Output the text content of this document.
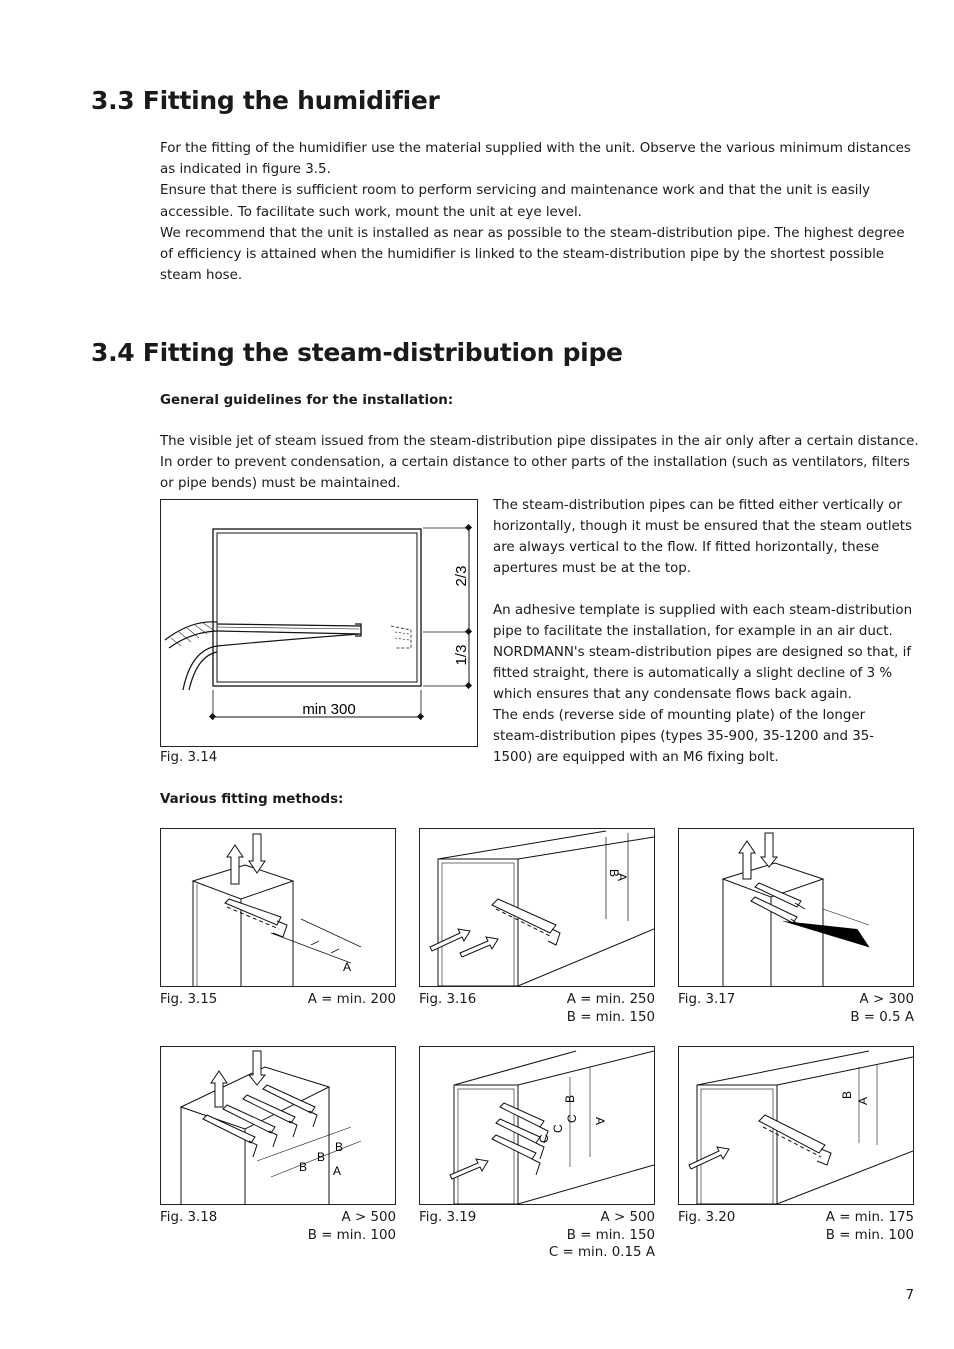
3.3 Fitting the humidifier

For the fitting of the humidifier use the material supplied with the unit. Observe the various minimum distances as indicated in figure 3.5.

Ensure that there is sufficient room to perform servicing and maintenance work and that the unit is easily accessible. To facilitate such work, mount the unit at eye level.

We recommend that the unit is installed as near as possible to the steam-distribution pipe. The highest degree of efficiency is attained when the humidifier is linked to the steam-distribution pipe by the shortest possible steam hose.

3.4 Fitting the steam-distribution pipe
General guidelines for the installation:

The visible jet of steam issued from the steam-distribution pipe dissipates in the air only after a certain distance.

In order to prevent condensation, a certain distance to other parts of the installation (such as ventilators, filters or pipe bends) must be maintained.

2/3
1/3
min 300
Fig. 3.14

The steam-distribution pipes can be fitted either vertically or horizontally, though it must be ensured that the steam outlets are always vertical to the flow. If fitted horizontally, these apertures must be at the top.

An adhesive template is supplied with each steam-distribution pipe to facilitate the installation, for example in an air duct. NORDMANN's steam-distribution pipes are designed so that, if fitted straight, there is automatically a slight decline of 3 % which ensures that any condensate flows back again.

The ends (reverse side of mounting plate) of the longer steam-distribution pipes (types 35-900, 35-1200 and 35-1500) are equipped with an M6 fixing bolt.

Various fitting methods:
A
Fig. 3.15	A = min. 200
B
A
Fig. 3.16	A = min. 250
B = min. 150
Fig. 3.17	A > 300
B = 0.5 A
B
B
B
A
Fig. 3.18	A > 500
B = min. 100
C
C
C
B
A
Fig. 3.19	A > 500
B = min. 150
C = min. 0.15 A
B
A
Fig. 3.20	A = min. 175
B = min. 100
7
